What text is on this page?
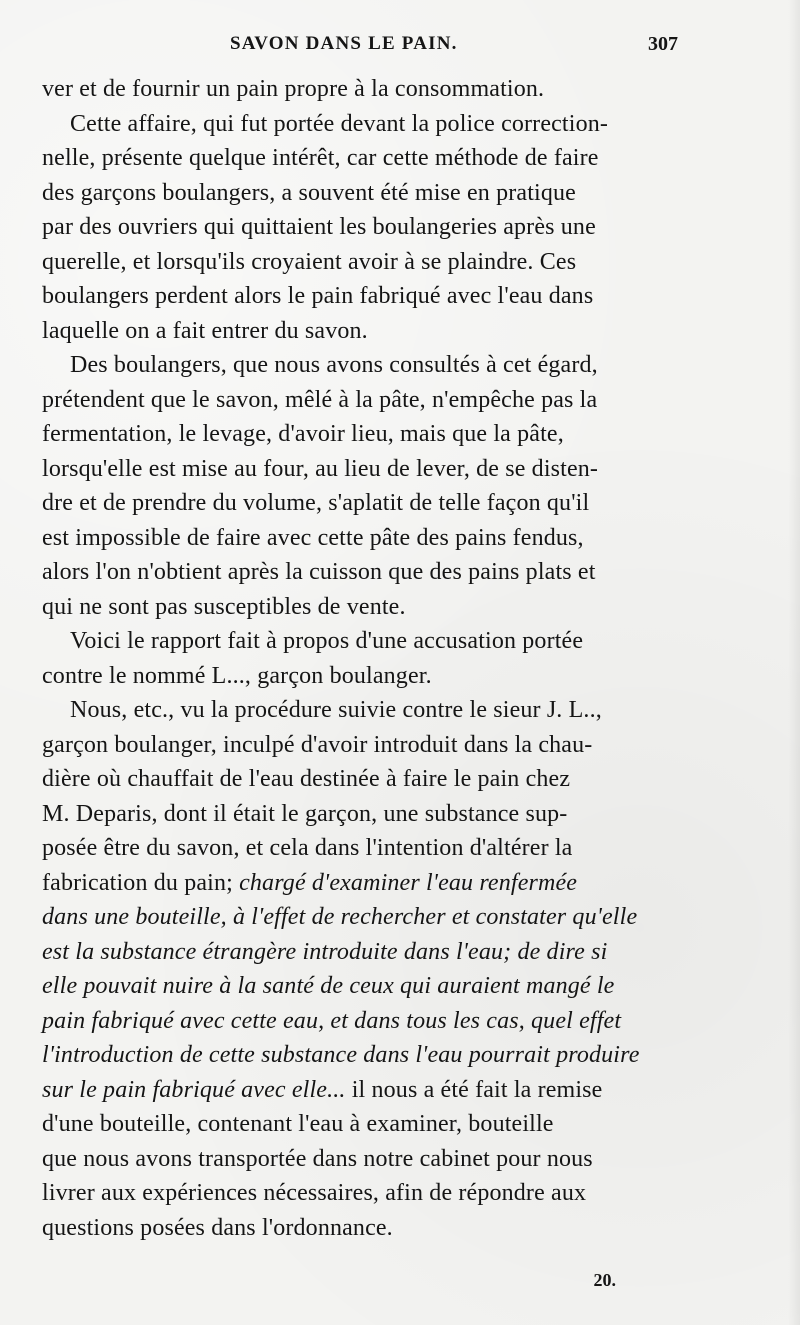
SAVON DANS LE PAIN.	307
ver et de fournir un pain propre à la consommation.
Cette affaire, qui fut portée devant la police correction-
nelle, présente quelque intérêt, car cette méthode de faire
des garçons boulangers, a souvent été mise en pratique
par des ouvriers qui quittaient les boulangeries après une
querelle, et lorsqu'ils croyaient avoir à se plaindre. Ces
boulangers perdent alors le pain fabriqué avec l'eau dans
laquelle on a fait entrer du savon.
Des boulangers, que nous avons consultés à cet égard,
prétendent que le savon, mêlé à la pâte, n'empêche pas la
fermentation, le levage, d'avoir lieu, mais que la pâte,
lorsqu'elle est mise au four, au lieu de lever, de se disten-
dre et de prendre du volume, s'aplatit de telle façon qu'il
est impossible de faire avec cette pâte des pains fendus,
alors l'on n'obtient après la cuisson que des pains plats et
qui ne sont pas susceptibles de vente.
Voici le rapport fait à propos d'une accusation portée
contre le nommé L..., garçon boulanger.
Nous, etc., vu la procédure suivie contre le sieur J. L..,
garçon boulanger, inculpé d'avoir introduit dans la chau-
dière où chauffait de l'eau destinée à faire le pain chez
M. Deparis, dont il était le garçon, une substance sup-
posée être du savon, et cela dans l'intention d'altérer la
fabrication du pain; chargé d'examiner l'eau renfermée
dans une bouteille, à l'effet de rechercher et constater qu'elle
est la substance étrangère introduite dans l'eau; de dire si
elle pouvait nuire à la santé de ceux qui auraient mangé le
pain fabriqué avec cette eau, et dans tous les cas, quel effet
l'introduction de cette substance dans l'eau pourrait produire
sur le pain fabriqué avec elle... il nous a été fait la remise
d'une bouteille, contenant l'eau à examiner, bouteille
que nous avons transportée dans notre cabinet pour nous
livrer aux expériences nécessaires, afin de répondre aux
questions posées dans l'ordonnance.
20.
